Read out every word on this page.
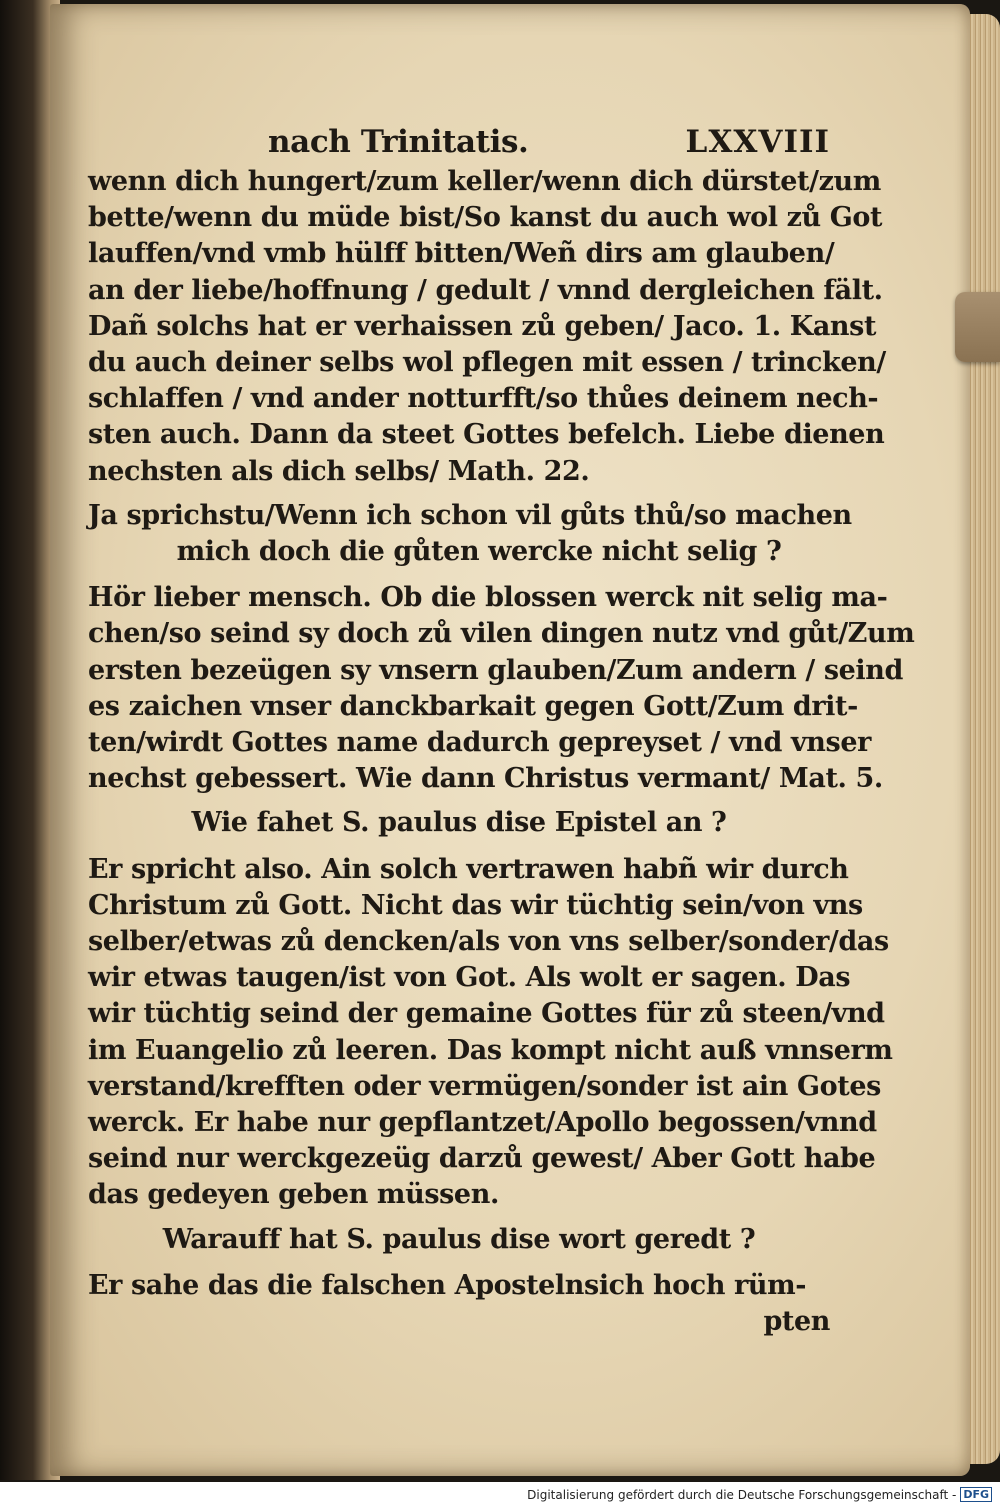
nach Trinitatis.	LXXVIII
wenn dich hungert/zum keller/wenn dich dürstet/zum
bette/wenn du müde bist/So kanst du auch wol zů Got
lauffen/vnd vmb hülff bitten/Weñ dirs am glauben/
an der liebe/hoffnung / gedult / vnnd dergleichen fält.
Dañ solchs hat er verhaissen zů geben/ Jaco. 1. Kanst
du auch deiner selbs wol pflegen mit essen / trincken/
schlaffen / vnd ander notturfft/so thůes deinem nech-
sten auch. Dann da steet Gottes befelch. Liebe dienen
nechsten als dich selbs/ Math. 22.
Ja sprichstu/Wenn ich schon vil gůts thů/so machen
mich doch die gůten wercke nicht selig ?
Hör lieber mensch. Ob die blossen werck nit selig ma-
chen/so seind sy doch zů vilen dingen nutz vnd gůt/Zum
ersten bezeügen sy vnsern glauben/Zum andern / seind
es zaichen vnser danckbarkait gegen Gott/Zum drit-
ten/wirdt Gottes name dadurch gepreyset / vnd vnser
nechst gebessert. Wie dann Christus vermant/ Mat. 5.
Wie fahet S. paulus dise Epistel an ?
Er spricht also. Ain solch vertrawen habñ wir durch
Christum zů Gott. Nicht das wir tüchtig sein/von vns
selber/etwas zů dencken/als von vns selber/sonder/das
wir etwas taugen/ist von Got. Als wolt er sagen. Das
wir tüchtig seind der gemaine Gottes für zů steen/vnd
im Euangelio zů leeren. Das kompt nicht auß vnnserm
verstand/krefften oder vermügen/sonder ist ain Gotes
werck. Er habe nur gepflantzet/Apollo begossen/vnnd
seind nur werckgezeüg darzů gewest/ Aber Gott habe
das gedeyen geben müssen.
Warauff hat S. paulus dise wort geredt ?
Er sahe das die falschen Apostelnsich hoch rüm-
pten
Digitalisierung gefördert durch die Deutsche Forschungsgemeinschaft - DFG
